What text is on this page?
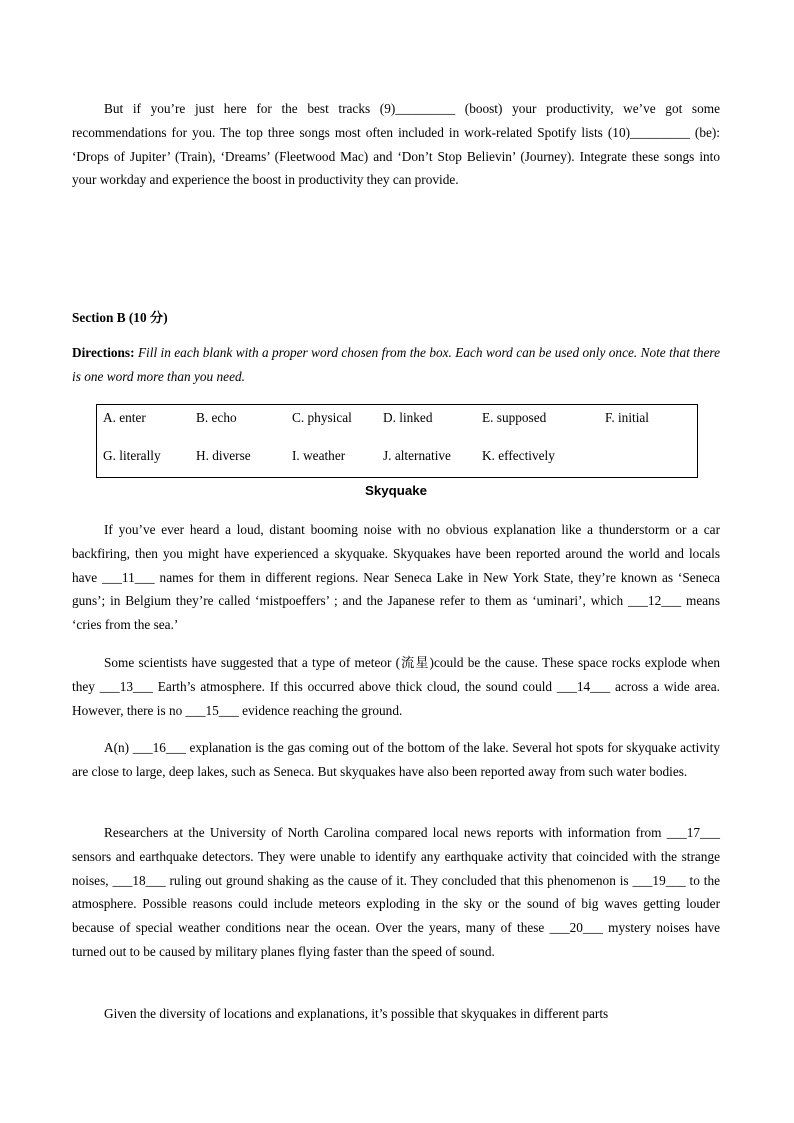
But if you’re just here for the best tracks (9)_________ (boost) your productivity, we’ve got some recommendations for you. The top three songs most often included in work-related Spotify lists (10)_________ (be): ‘Drops of Jupiter’ (Train), ‘Dreams’ (Fleetwood Mac) and ‘Don’t Stop Believin’ (Journey). Integrate these songs into your workday and experience the boost in productivity they can provide.

Section B (10 分)

Directions: Fill in each blank with a proper word chosen from the box. Each word can be used only once. Note that there is one word more than you need.

A. enter	B. echo	C. physical D. linked	E. supposed	F. initial
G. literally	H. diverse	I. weather	J. alternative K. effectively
Skyquake

If you’ve ever heard a loud, distant booming noise with no obvious explanation like a thunderstorm or a car backfiring, then you might have experienced a skyquake. Skyquakes have been reported around the world and locals have ___11___ names for them in different regions. Near Seneca Lake in New York State, they’re known as ‘Seneca guns’; in Belgium they’re called ‘mistpoeffers’ ; and the Japanese refer to them as ‘uminari’, which ___12___ means ‘cries from the sea.’

Some scientists have suggested that a type of meteor (流星)could be the cause. These space rocks explode when they ___13___ Earth’s atmosphere. If this occurred above thick cloud, the sound could ___14___ across a wide area. However, there is no ___15___ evidence reaching the ground.

A(n) ___16___ explanation is the gas coming out of the bottom of the lake. Several hot spots for skyquake activity are close to large, deep lakes, such as Seneca. But skyquakes have also been reported away from such water bodies.

Researchers at the University of North Carolina compared local news reports with information from ___17___ sensors and earthquake detectors. They were unable to identify any earthquake activity that coincided with the strange noises, ___18___ ruling out ground shaking as the cause of it. They concluded that this phenomenon is ___19___ to the atmosphere. Possible reasons could include meteors exploding in the sky or the sound of big waves getting louder because of special weather conditions near the ocean. Over the years, many of these ___20___ mystery noises have turned out to be caused by military planes flying faster than the speed of sound.

Given the diversity of locations and explanations, it’s possible that skyquakes in different parts
